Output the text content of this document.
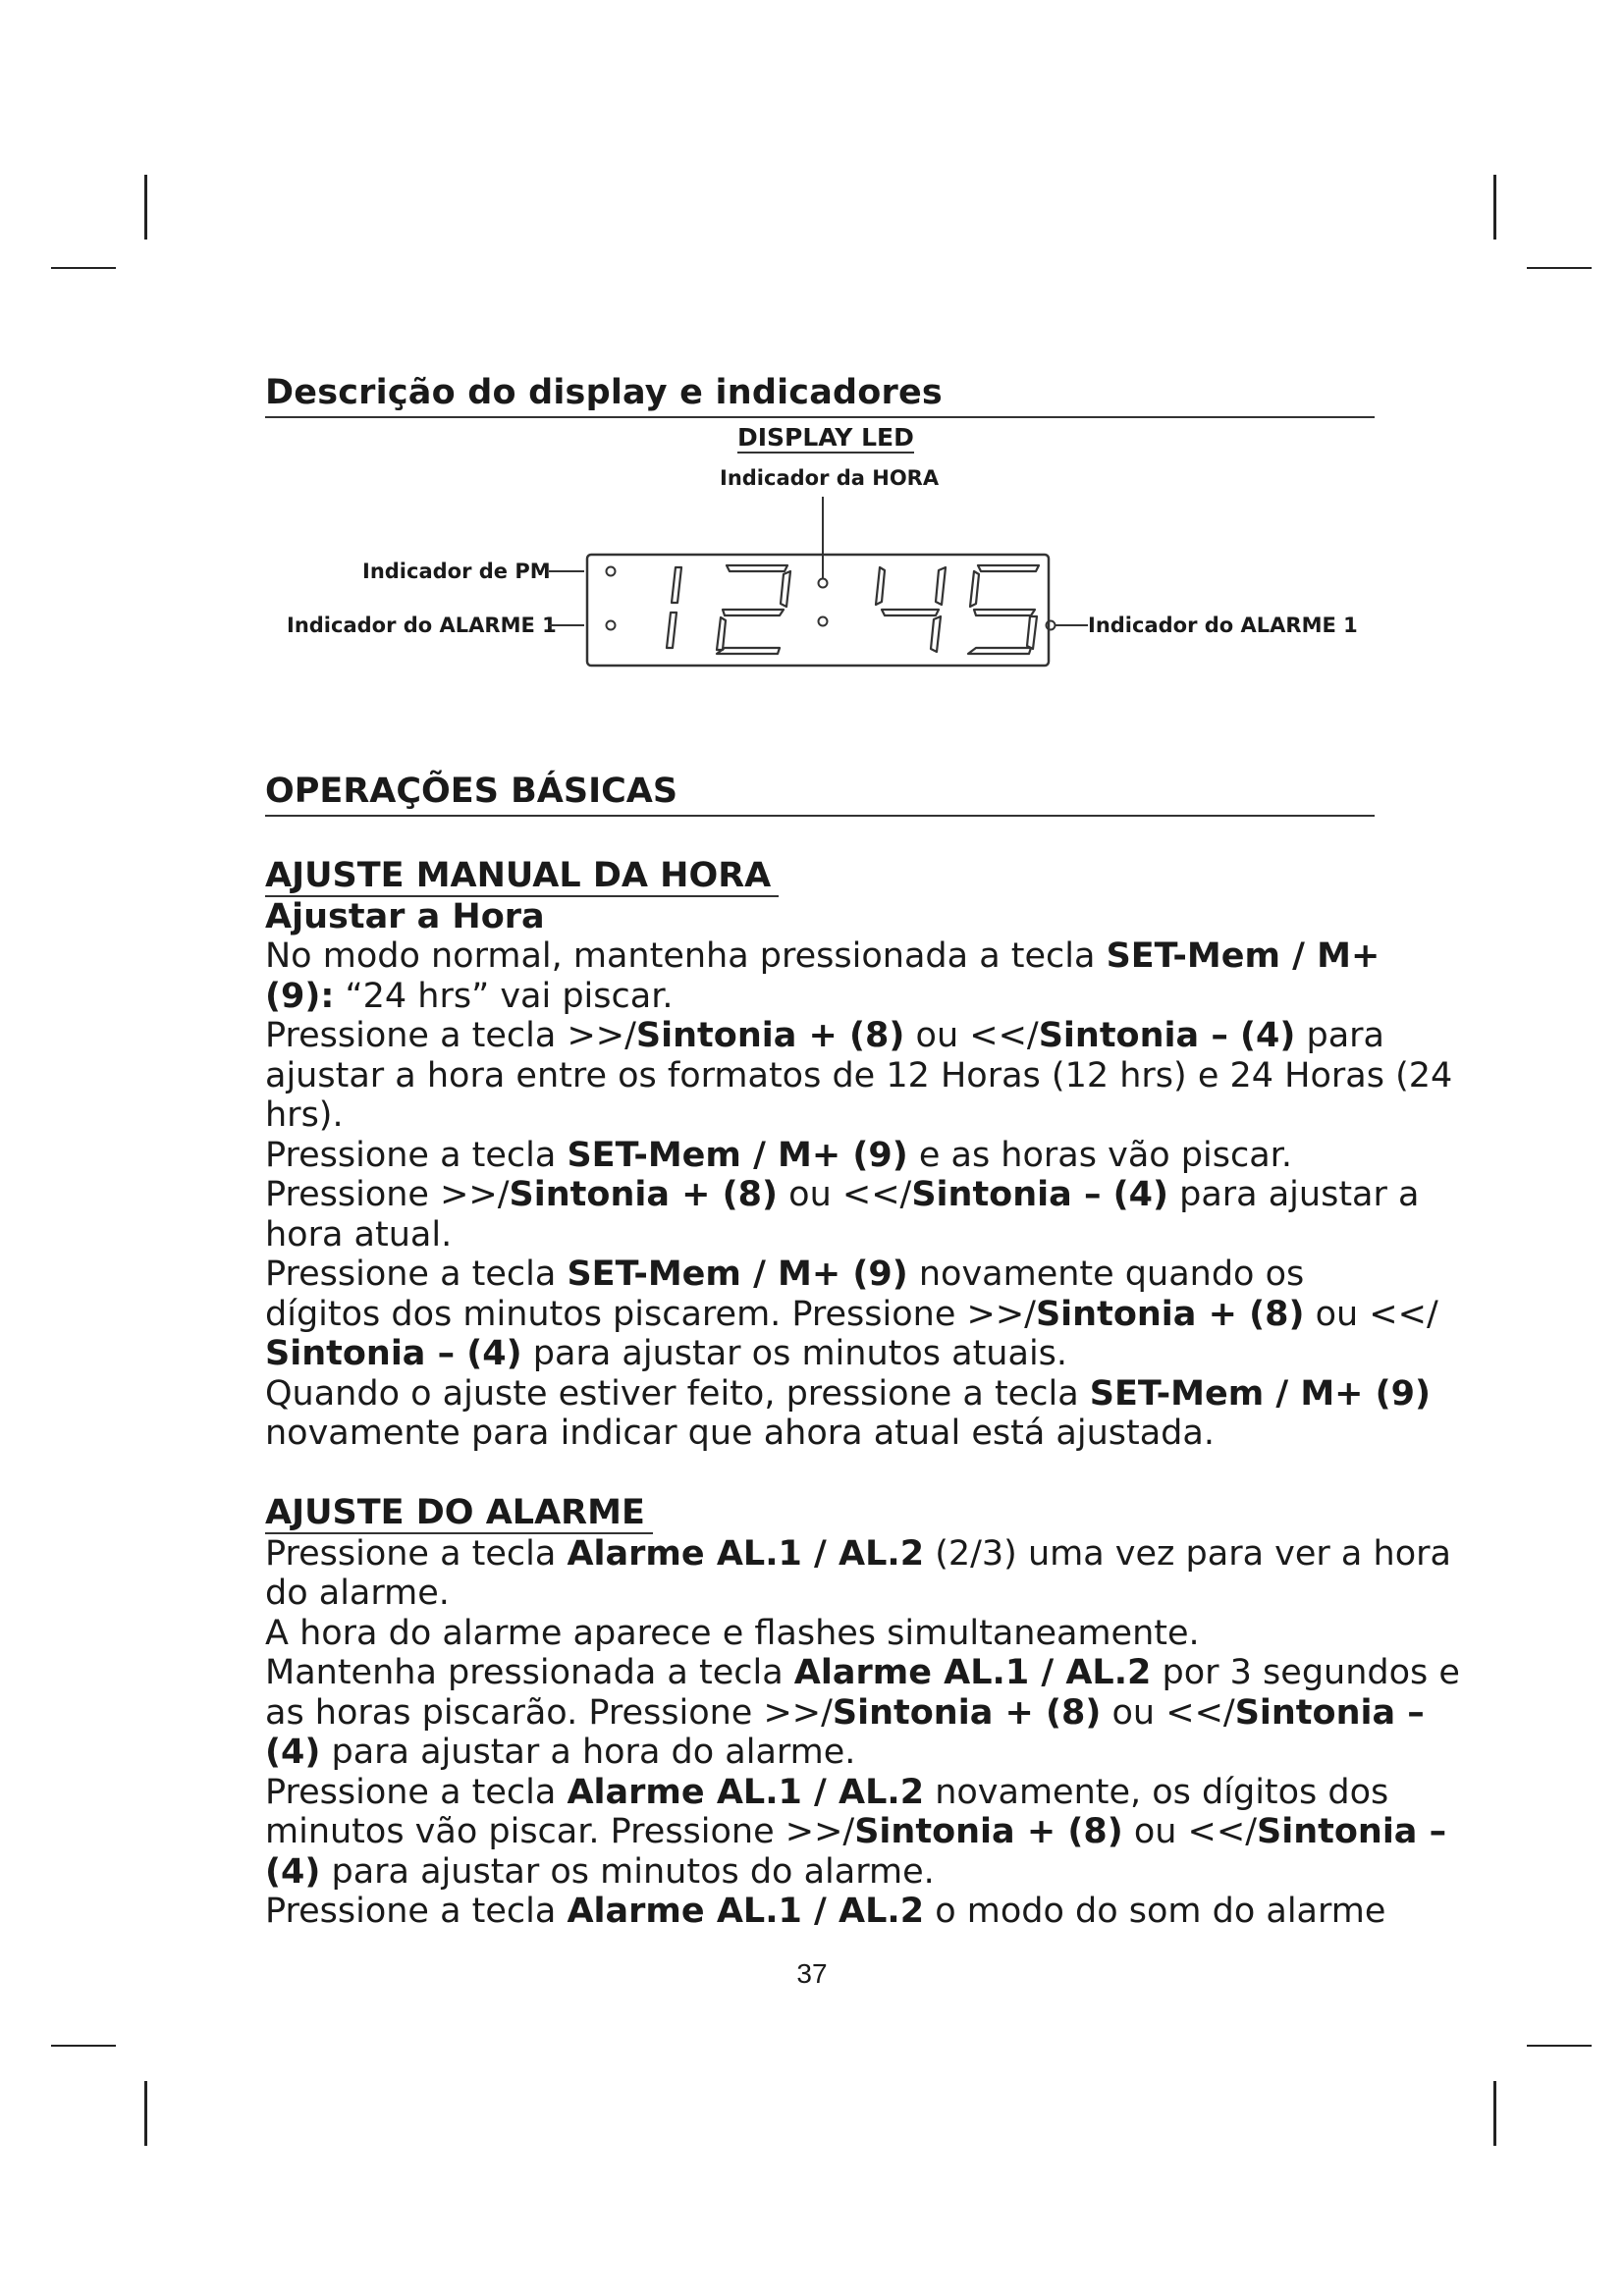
Descrição do display e indicadores
DISPLAY LED
Indicador da HORA
Indicador de PM
Indicador do ALARME 1	Indicador do ALARME 1
OPERAÇÕES BÁSICAS
AJUSTE MANUAL DA HORA
Ajustar a Hora

No modo normal, mantenha pressionada a tecla SET-Mem / M+

(9): “24 hrs” vai piscar.

Pressione a tecla >>/Sintonia + (8) ou <</Sintonia – (4) para

ajustar a hora entre os formatos de 12 Horas (12 hrs) e 24 Horas (24

hrs).

Pressione a tecla SET-Mem / M+ (9) e as horas vão piscar.

Pressione >>/Sintonia + (8) ou <</Sintonia – (4) para ajustar a

hora atual.

Pressione a tecla SET-Mem / M+ (9) novamente quando os

dígitos dos minutos piscarem. Pressione >>/Sintonia + (8) ou <</

Sintonia – (4) para ajustar os minutos atuais.

Quando o ajuste estiver feito, pressione a tecla SET-Mem / M+ (9)

novamente para indicar que ahora atual está ajustada.

AJUSTE DO ALARME

Pressione a tecla Alarme AL.1 / AL.2 (2/3) uma vez para ver a hora

do alarme.

A hora do alarme aparece e flashes simultaneamente.

Mantenha pressionada a tecla Alarme AL.1 / AL.2 por 3 segundos e

as horas piscarão. Pressione >>/Sintonia + (8) ou <</Sintonia –

(4) para ajustar a hora do alarme.

Pressione a tecla Alarme AL.1 / AL.2 novamente, os dígitos dos

minutos vão piscar. Pressione >>/Sintonia + (8) ou <</Sintonia –

(4) para ajustar os minutos do alarme.

Pressione a tecla Alarme AL.1 / AL.2 o modo do som do alarme

37
